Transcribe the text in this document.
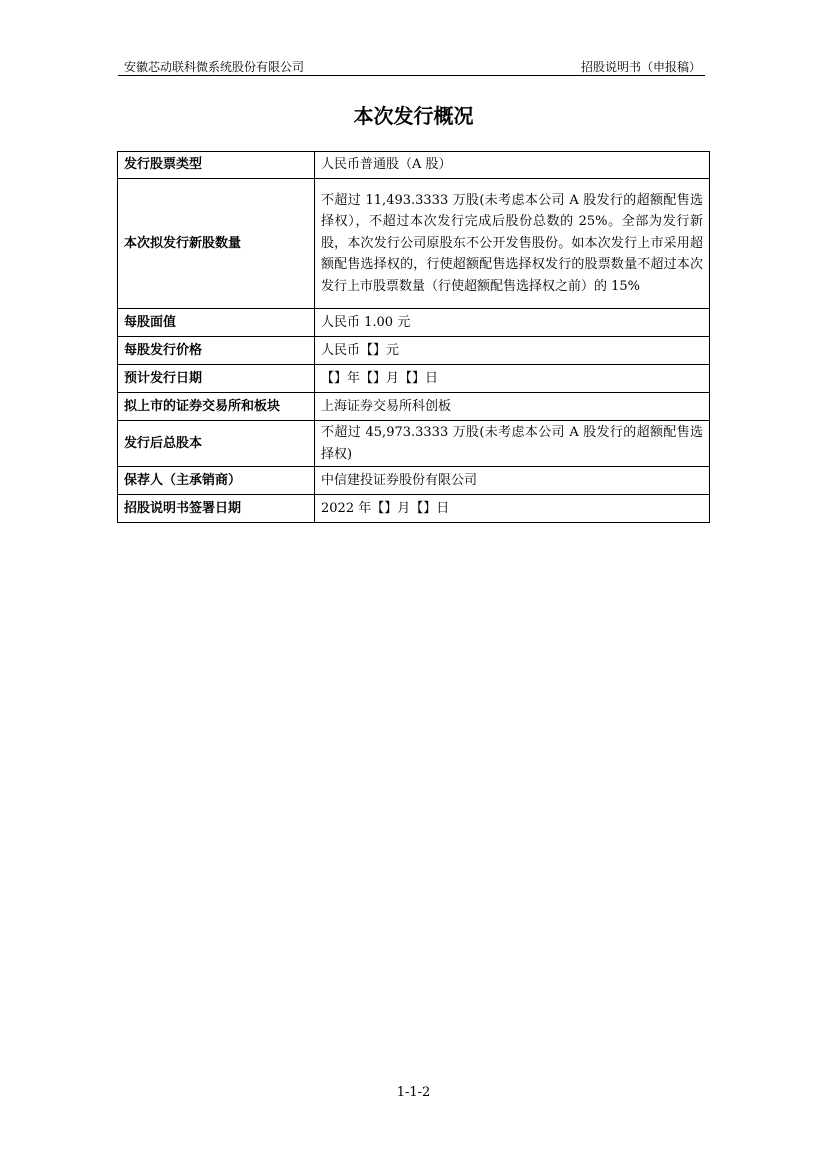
安徽芯动联科微系统股份有限公司	招股说明书（申报稿）
本次发行概况
发行股票类型	人民币普通股（A 股）
本次拟发行新股数量	不超过 11,493.3333 万股(未考虑本公司 A 股发行的超额配售选择权），不超过本次发行完成后股份总数的 25%。全部为发行新股，本次发行公司原股东不公开发售股份。如本次发行上市采用超额配售选择权的，行使超额配售选择权发行的股票数量不超过本次发行上市股票数量（行使超额配售选择权之前）的 15%
每股面值	人民币 1.00 元
每股发行价格	人民币【】元
预计发行日期	【】年【】月【】日
拟上市的证券交易所和板块	上海证券交易所科创板
发行后总股本	不超过 45,973.3333 万股(未考虑本公司 A 股发行的超额配售选择权)
保荐人（主承销商）	中信建投证券股份有限公司
招股说明书签署日期	2022 年【】月【】日
1-1-2
